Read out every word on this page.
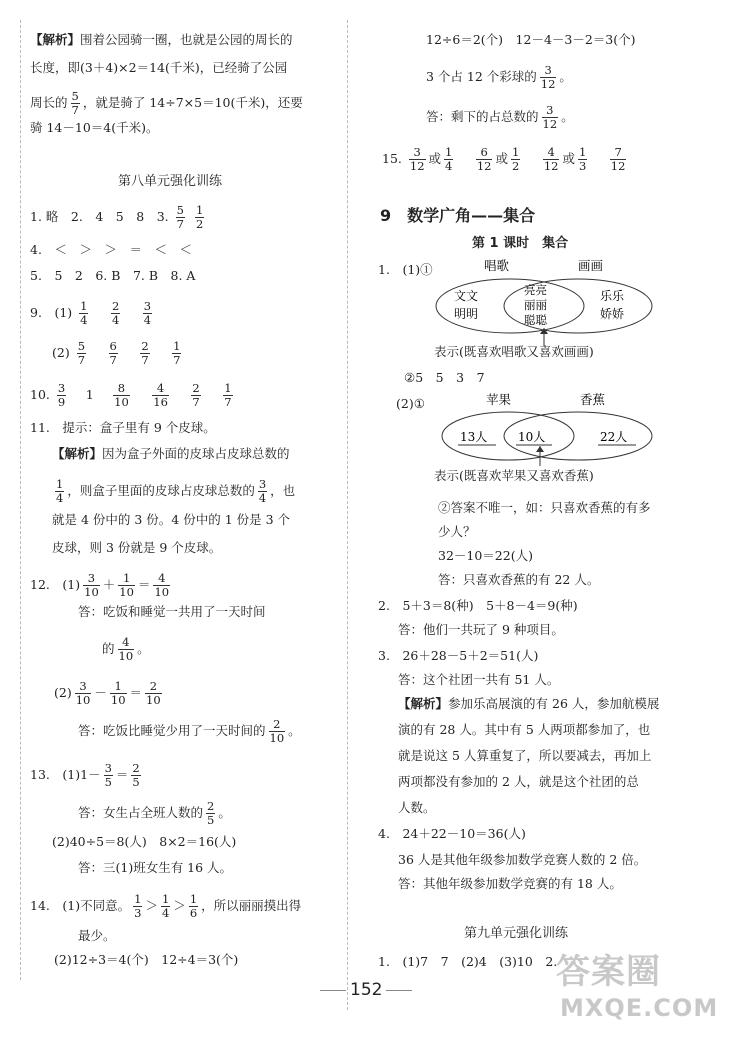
【解析】围着公园骑一圈，也就是公园的周长的
长度，即(3＋4)×2＝14(千米)，已经骑了公园
周长的 $\frac{5}{7}$ ，就是骑了 14÷7×5＝10(千米)，还要
骑 14－10＝4(千米)。
第八单元强化训练
1. 略　2.　4　5　8　3. $\frac{5}{7}$
$\frac{1}{2}$
4.　 ＜　＞　＞　＝　＜　＜
5.　 5　2　6. B　7. B　8. A
9.　 $(1) \frac{1}{4}$
　 $\frac{2}{4}$
　 $\frac{3}{4}$
$(2) \frac{5}{7}$
　 $\frac{6}{7}$
　 $\frac{2}{7}$
　 $\frac{1}{7}$
10. $\frac{3}{9}$
　 1　 $\frac{8}{10}$
　 $\frac{4}{16}$
　 $\frac{2}{7}$
　 $\frac{1}{7}$
11.　 提示：盒子里有 9 个皮球。
【解析】因为盒子外面的皮球占皮球总数的
$\frac{1}{4}$ ，则盒子里面的皮球占皮球总数的 $\frac{3}{4}$ ，也
就是 4 份中的 3 份。4 份中的 1 份是 3 个
皮球，则 3 份就是 9 个皮球。
12.　 $(1) \frac{3}{10} + \frac{1}{10} = \frac{4}{10}$
答：吃饭和睡觉一共用了一天时间
的 $\frac{4}{10}$ 。
$(2) \frac{3}{10} - \frac{1}{10} = \frac{2}{10}$
答：吃饭比睡觉少用了一天时间的 $\frac{2}{10}$ 。
13.　 $(1)1- \frac{3}{5} = \frac{2}{5}$
答：女生占全班人数的 $\frac{2}{5}$ 。
(2)40÷5＝8(人)　8×2＝16(人)
答：三(1)班女生有 16 人。
14.　 (1)不同意。 $\frac{1}{3} > \frac{1}{4} > \frac{1}{6}$ ，所以丽丽摸出得
最少。
(2)12÷3＝4(个)　12÷4＝3(个)
12÷6＝2(个)　12－4－3－2＝3(个)
3 个占 12 个彩球的 $\frac{3}{12}$ 。
答：剩下的占总数的 $\frac{3}{12}$ 。
15. $\frac{3}{12}$ 或 $\frac{1}{4}$
　 $\frac{6}{12}$ 或 $\frac{1}{2}$
　 $\frac{4}{12}$ 或 $\frac{1}{3}$
　 $\frac{7}{12}$
9　数学广角——集合
第 1 课时　集合
1.　 (1)①	唱歌	画画
文文
明明
亮亮
丽丽
聪聪
乐乐
娇娇
表示(既喜欢唱歌又喜欢画画)
②5　5　3　7
(2)①	苹果	香蕉
13人	10人	22人
表示(既喜欢苹果又喜欢香蕉)
②答案不唯一，如：只喜欢香蕉的有多
少人？
32－10＝22(人)
答：只喜欢香蕉的有 22 人。
2.　 5＋3＝8(种)　5＋8－4＝9(种)
答：他们一共玩了 9 种项目。
3.　 26＋28－5＋2＝51(人)
答：这个社团一共有 51 人。
【解析】参加乐高展演的有 26 人，参加航模展
演的有 28 人。其中有 5 人两项都参加了，也
就是说这 5 人算重复了，所以要减去，再加上
两项都没有参加的 2 人，就是这个社团的总
人数。
4.　 24＋22－10＝36(人)
36 人是其他年级参加数学竞赛人数的 2 倍。
答：其他年级参加数学竞赛的有 18 人。
第九单元强化训练
1.　 (1)7　7　(2)4　(3)10　2.
152	答案圈
MXQE.COM
